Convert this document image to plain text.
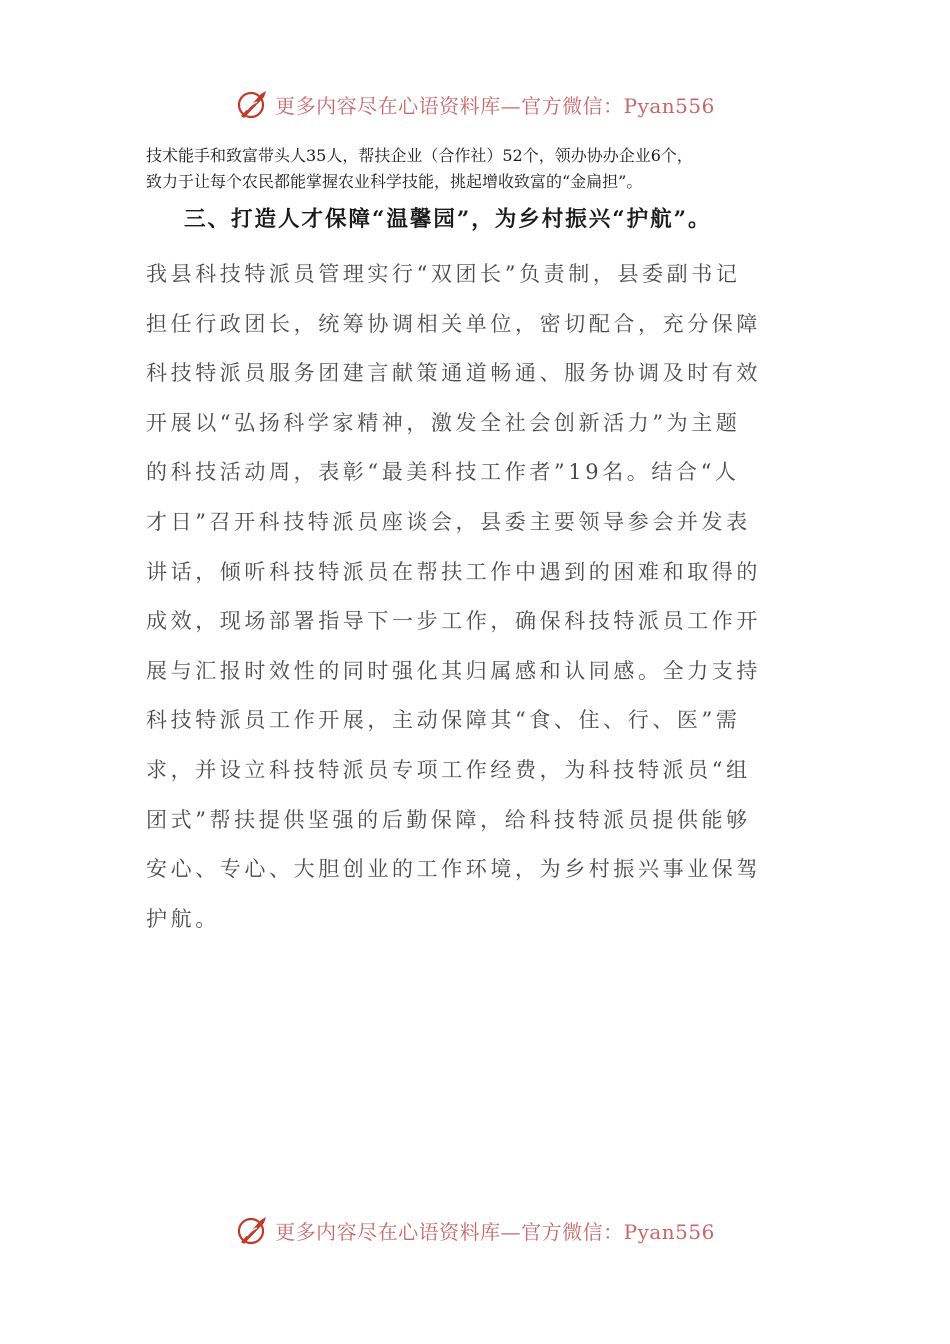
更多内容尽在心语资料库—官方微信：Pyan556

技术能手和致富带头人35人，帮扶企业（合作社）52个，领办协办企业6个，

致力于让每个农民都能掌握农业科学技能，挑起增收致富的“金扁担”。

三、打造人才保障“温馨园”，为乡村振兴“护航”。
我县科技特派员管理实行“双团长”负责制，县委副书记
担任行政团长，统筹协调相关单位，密切配合，充分保障
科技特派员服务团建言献策通道畅通、服务协调及时有效
开展以“弘扬科学家精神，激发全社会创新活力”为主题
的科技活动周，表彰“最美科技工作者”19名。结合“人
才日”召开科技特派员座谈会，县委主要领导参会并发表
讲话，倾听科技特派员在帮扶工作中遇到的困难和取得的
成效，现场部署指导下一步工作，确保科技特派员工作开
展与汇报时效性的同时强化其归属感和认同感。全力支持
科技特派员工作开展，主动保障其“食、住、行、医”需
求，并设立科技特派员专项工作经费，为科技特派员“组
团式”帮扶提供坚强的后勤保障，给科技特派员提供能够
安心、专心、大胆创业的工作环境，为乡村振兴事业保驾
护航。
更多内容尽在心语资料库—官方微信：Pyan556
